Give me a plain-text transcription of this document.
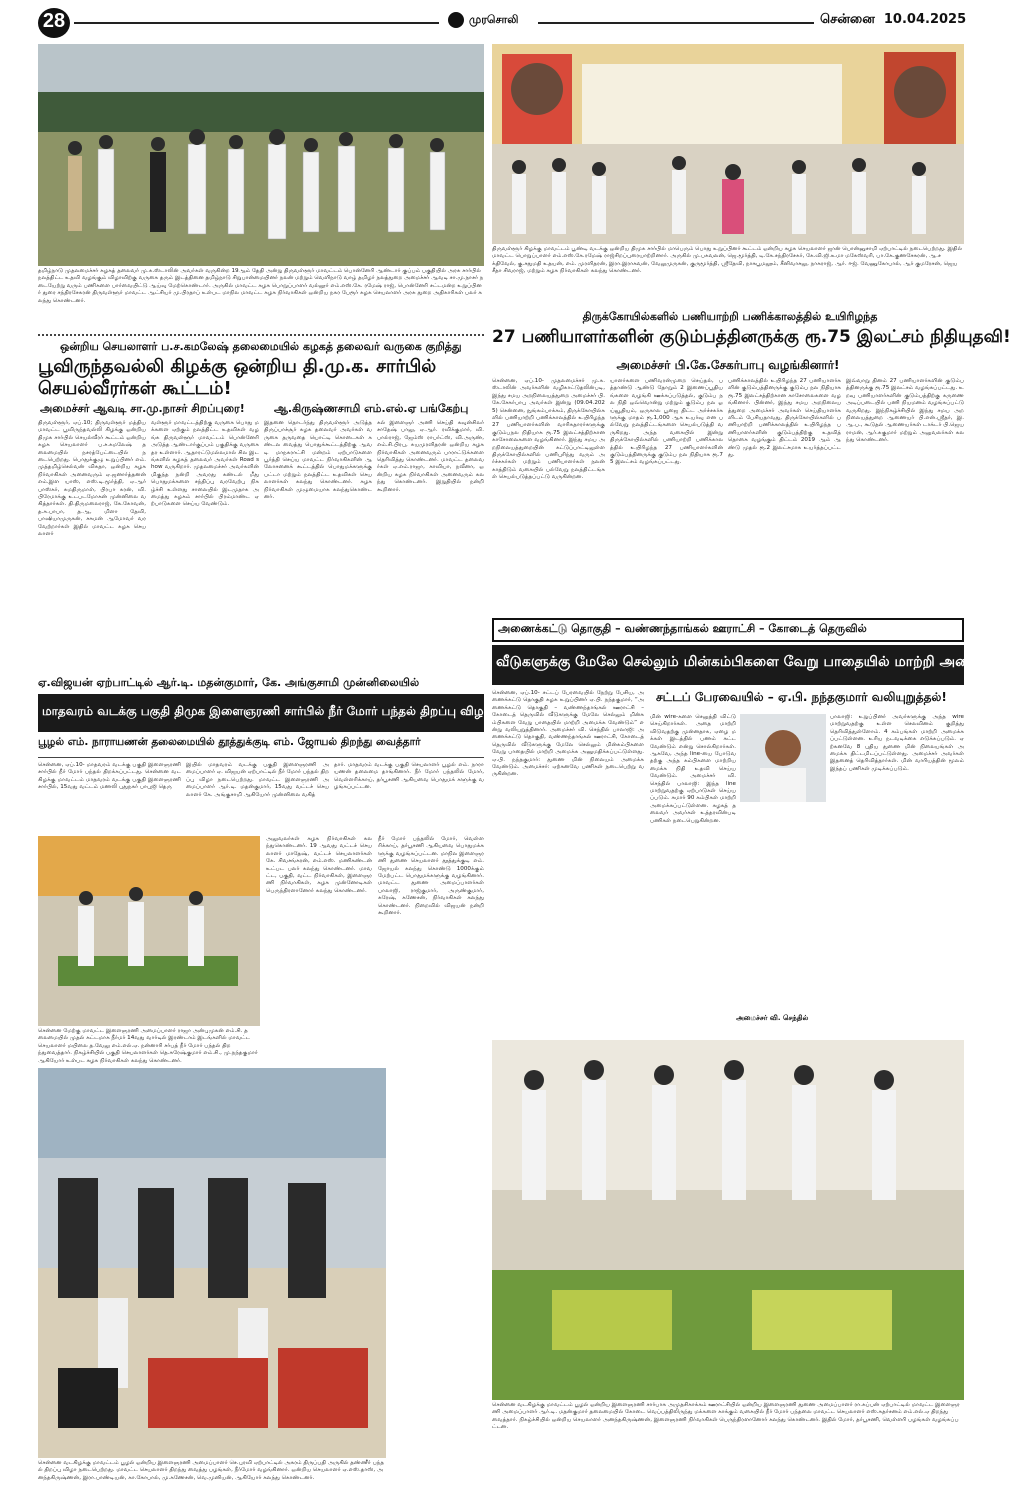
28	முரசொலி	சென்னை  10.04.2025
தமிழ்நாடு முதலமைச்சர் கழகத் தலைவர் மு.க.ஸ்டாலின் அவர்கள் வருகின்ற 19ஆம் தேதி அன்று திருவள்ளூர் மாவட்டம் பொன்னேரி ஆண்டார் குப்பம் பகுதியில் அரசு சார்பில் நலத்திட்ட உதவி வழங்கும் விழாவிற்கு வருகை தரும் இடத்தினை தமிழ்நாடு சிறுபான்மையினர் நலன் மற்றும் வெளிநாடு வாழ் தமிழர் நலத்துறை அமைச்சர் ஆவடி சா.மு.நாசர் நடையேற்று வரும் பணிகளை பார்வையிட்டு ஆய்வு மேற்கொண்டார். அருகில் மாவட்ட கழக பொறுப்பாளர் வல்லூர் எம்.எஸ்.கே. ரமேஷ் ராஜ், பொன்னேரி சட்டமன்ற உறுப்பினர் துரை சந்திரசேகரன் திருவள்ளூர் மாவட்ட ஆட்சியர் மு.பிரதாப் உள்பட மாநில மாவட்ட கழக நிர்வாகிகள் ஒன்றிய நகர பேரூர் கழக செயலாளர் அரசு துறை அதிகாரிகள் பலர் கலந்து கொண்டனர்.
திருவள்ளூர் கிழக்கு மாவட்டம் பூண்டி வடக்கு ஒன்றிய திமுக சார்பில் மாபெரும் பொது உறுப்பினர் கூட்டம் ஒன்றிய கழக செயலாளர் ஜான் பொன்னுசாமி ஏற்பாட்டில் நடைபெற்றது. இதில் மாவட்ட பொறுப்பாளர் எம்.எஸ்.கே.ரமேஷ் ராஜ்சிறப்புரையாற்றினார். அருகில் மு.பகவலன், ஜெ.மூர்த்தி, டி.கே.சந்திரசேகர், கே.வி.ஜி.உமா மகேஸ்வரி, பா.கே.குணசேகரன், ஆ.சக்திவேல், கு.சதுமதி உதயன், எம். முரளிதரன், இரா.இராகவன், வேலுமுருகன், குருமூர்த்தி, ஸ்ரீதேவி, நாகபூமலூம், சீனிவாசலு, நாகராஜ், ஆர். ஈஜ். வேணுகோபால், ஆர் குமரேசன், ஜெயசீதா சிவராஜ், மற்றும் கழக நிர்வாகிகள் கலந்து கொண்டனர்.
ஒன்றிய செயலாளர் ப.ச.கமலேஷ் தலைமையில் கழகத் தலைவர் வருகை குறித்து
பூவிருந்தவல்லி கிழக்கு ஒன்றிய தி.மு.க. சார்பில் செயல்வீரர்கள் கூட்டம்!
அமைச்சர் ஆவடி சா.மு.நாசர் சிறப்புரை!	ஆ.கிருஷ்ணசாமி எம்.எல்.ஏ பங்கேற்பு
திருவள்ளூர், ஏப்.10; திருவள்ளூர் மத்திய மாவட்ட பூவிருந்தவல்லி கிழக்கு ஒன்றிய திமுக சார்பில் செயல்வீரர் கூட்டம் ஒன்றிய கழக செயலாளர் ப.ச.கமலேஷ் தலைமையில் நசரத்பேட்டையில் நடைபெற்றது. பொதுக்குழு உறுப்பினர் எம்.முத்தமிழ்செல்வன் விசுதா, ஒன்றிய கழக நிர்வாகிகள் அனைவரும் ஏ.ஜனார்த்தனன் எம்.இள யாஸ், எஸ்.டி.மூர்த்தி, ஏ.ஆர் பாஸ்கர், சுமதிருமாள், பிரபா கரன், வி.பிரேமாக்கு உடபடமோகன் முன்னிலை வகித்தார்கள். தி.திருமலைராஜ், கே.கோவன், த.சு.பாபா, த.ஆ, மிளா தேவி, பாஷியாமுருகன், சசுமன் ஆமோவர் வரவேற்றார்கள் இதில் மாவட்ட கழக செயலாளர்
வள்ளூர் மாவட்டத்திற்கு வருகை பொது மக்களை ஏற்கும் நலத்திட்ட உதவிகள் வழங்க திருவள்ளூர் மாவட்டம் பொன்னேரி அடுத்த ஆண்டார்குப்பம் பகுதிக்கு வருகை தர உள்ளார். ஆதாரட்டுமல்லமால் சில இடங்களில் கழகத் தலைவர் அவர்கள் Road show வருகிறார். முதலமைச்சர் அவர்களின் மிகுந்த நன்றி அவரது கண்டல் மீது பொதுமக்களை சந்திப்பு வரவேற்பு நிகழ்ச்சி உள்ளது சாலையில் இடமுதாக அமைத்து கழகம் சார்பில் பிரம்மாண்ட ஏற்பாடுகளை செய்ய வேண்டும்.
இதனை தொடர்ந்து திருவள்ளூர் அடுத்த திருப்பாச்சூர் கழக தலைவர் அவர்கள் வருகை தருவதை யொட்டி கொடைகள் கண்டல வைத்து பொதுக்கூட்டத்திற்கு ஆவடி மாநகராட்சி மன்றம் ஏற்பாடுகளை பூர்த்தி செய்ய மாவட்ட நிர்வாகிகளின் ஆலோசனைக் கூட்டத்தில் பொதுமக்களுக்கு பட்டா மற்றும் நலத்திட்ட உதவிகள் செயலாளர்கள் கலந்து கொண்டனர். கழக நிர்வாகிகள் முழுமையாக கலந்துகொண்டனர்.
கல் இளைஞர் அணி செய்தி கவுன்சிலர் சாதேஷ் பாலு, ஏ.ஆர். ரவிக்குமார், வி.பால்ராஜ், ஜேம்ஸ் ராபர்ட்ஸ், வி.அருண், எம்.சி.பிரபு, சுயமுரளிதரன் ஒன்றிய கழக நிர்வாகிகள் அனைவரும் பாராட்டுக்களை தெரிவித்து கொண்டனர். மாவட்ட தலைவர்கள் ஏ.எம்.ராஜா, காவியா, நவீனா, ஒன்றிய கழக நிர்வாகிகள் அனைவரும் கலந்து கொண்டனர். இறுதியில் நன்றி கூறினார்.
திருக்கோயில்களில் பணியாற்றி பணிக்காலத்தில் உயிரிழந்த
27 பணியாளர்களின் குடும்பத்தினருக்கு ரூ.75 இலட்சம் நிதியுதவி!
அமைச்சர் பி.கே.சேகர்பாபு வழங்கினார்!
சென்னை, ஏப்.10- முதலமைச்சர் மு.க.ஸ்டாலின் அவர்களின் வழிகாட்டுதலின்படி, இந்து சமய அறநிலையத்துறை அமைச்சர் பி.கே.சேகர்பாபு அவர்கள் இன்று (09.04.2025) சென்னை, நுங்கம்பாக்கம், திருக்கோயில்களில் பணியாற்றி பணிக்காலத்தில் உயிரிழந்த 27 பணியாளர்களின் வாரிசுதாரர்களுக்கு குடும்பநல நிதியாக ரூ.75 இலட்சத்திற்கான காசோலைகளை வழங்கினார். இந்து சமய அறநிலையத்துறையின் கட்டுப்பாட்டிலுள்ள திருக்கோயில்களில் பணிபுரிந்து வரும் அர்ச்சகர்கள் மற்றும் பணியாளர்கள் நலன் காத்திடும் வகையில் பல்வேறு நலத்திட்டங்கள் செயல்படுத்தப்பட்டு வருகின்றன.
யாளர்களை பணிவரன்முறை செய்தல், பத்தாண்டு ஆண்டு தோறும் 2 இணைப்பூதியங்களை வழங்கி ஊக்கப்படுத்தல், குடும்ப நல நிதி ஒவ்வொன்று மற்றும் குடும்ப நல ஓய்வூதியம், ஒருகால பூஜை திட்ட அர்ச்சகர்களுக்கு மாதம் ரூ.1,000 ஆக உயர்வு என பல்வேறு நலத்திட்டங்களை செயல்படுத்தி வருகிறது. அந்த வகையில் இன்று திருக்கோயில்களில் பணியாற்றி பணிக்காலத்தில் உயிரிழந்த 27 பணியாளர்களின் குடும்பத்தினருக்கு குடும்ப நல நிதியாக ரூ.75 இலட்சம் வழங்கப்பட்டது.
பணிக்காலத்தில் உயிரிழந்த 27 பணியாளர்களின் குடும்பத்தினருக்கு குடும்ப நல நிதியாக ரூ.75 இலட்சத்திற்கான காசோலைகளை வழங்கினார். பின்னர், இந்து சமய அறநிலையத்துறை அமைச்சர் அவர்கள் செய்தியாளர்களிடம் பேசியதாவது, திருக்கோயில்களில் பணியாற்றி பணிக்காலத்தில் உயிரிழந்த பணியாளர்களின் குடும்பத்திற்கு உதவித் தொகை வழங்கும் திட்டம் 2019 ஆம் ஆண்டு முதல் ரூ.2 இலட்சமாக உயர்த்தப்பட்டது.
இவ்வாறு தினம் 27 பணியாளர்களின் குடும்பத்தினருக்கு ரூ.75 இலட்சம் வழங்கப்பட்டது. உறவு பணியாளர்களின் குடும்பத்திற்கு கருணை அடிப்படையில் பணி நியமனம் வழங்கப்பட்டு வருகிறது. இந்நிகழ்ச்சியில் இந்து சமய அறநிலையத்துறை ஆணையர் பி.என்.ஸ்ரீதர், இ.ஆ.ப., கூடுதல் ஆணையர்கள் டாக்டர் பி.ஜெயராமன், ஆர்.சுகுமார் மற்றும் அலுவலர்கள் கலந்து கொண்டனர்.
அணைக்கட்டு தொகுதி – வண்ணந்தாங்கல் ஊராட்சி – கோடைத் தெருவில்
வீடுகளுக்கு மேலே செல்லும் மின்கம்பிகளை வேறு பாதையில் மாற்றி அமைத்திடுக!
சட்டப் பேரவையில் – ஏ.பி. நந்தகுமார் வலியுறுத்தல்!
சென்னை, ஏப்.10- சட்டப் பேரவையில் நேற்று பேசிய, அணைக்கட்டு தொகுதி கழக உறுப்பினர் ஏ.பி. நந்தகுமார், “அணைக்கட்டு தொகுதி – வண்ணந்தாங்கல் ஊராட்சி – கோடைத் தெருவில் வீடுகளுக்கு மேலே செல்லும் மின்கம்பிகளை வேறு பாதையில் மாற்றி அமைக்க வேண்டும்” என்று வலியுறுத்தினார். அமைச்சர் வி. செந்தில் பாலாஜி: அணைக்கட்டு தொகுதி, வண்ணந்தாங்கல் ஊராட்சி, கோடைத் தெருவில் வீடுகளுக்கு மேலே செல்லும் மின்கம்பிகளை வேறு பாதையில் மாற்றி அமைக்க அனுமதிக்கப்பட்டுள்ளது. ஏ.பி. நந்தகுமார்: துணை மின் நிலையம் அமைக்க வேண்டும். அமைச்சர்: ஏற்கனவே பணிகள் நடைபெற்று வருகின்றன.
மின் wire-களை செலுத்தி விட்டு செய்கிறார்கள். அதை மாற்றி விடுவதற்கு முன்னதாக, ஏழை மக்கள் இடத்தில் பணம் கட்ட வேண்டும் என்று சொல்கிறார்கள். ஆகவே, அந்த line-யை போடுவதற்கு அந்த கம்பிகளை மாற்றியமைக்க நிதி உதவி செய்ய வேண்டும். அமைச்சர் வி. செந்தில் பாலாஜி: இந்த line மாற்றுவதற்கு ஏற்பாடுகள் செய்யப்படும். சுமார் 90 கம்பிகள் மாற்றி அமைக்கப்பட்டுள்ளன. கழகத் தலைவர் அவர்கள் உத்தரவின்படி பணிகள் நடைபெறுகின்றன.
பாலாஜி: உறுப்பினர் அவர்களுக்கு அந்த wire மாற்றுவதற்கு உள்ள செலவினம் குறித்து தெரிவித்துள்ளோம். 4 கம்பங்கள் மாற்றி அமைக்கப்பட்டுள்ளன. உரிய நடவடிக்கை எடுக்கப்படும். ஏற்கனவே 8 புதிய துணை மின் நிலையங்கள் அமைக்க திட்டமிடப்பட்டுள்ளது. அமைச்சர் அவர்கள் இதனைத் தெரிவித்தார்கள். மின் வாரியத்தின் மூலம் இந்தப் பணிகள் முடிக்கப்படும்.
அமைச்சர் வி. செந்தில்
ஏ.விஜயன் ஏற்பாட்டில் ஆர்.டி. மதன்குமார், கே. அங்குசாமி முன்னிலையில்
மாதவரம் வடக்கு பகுதி திமுக இளைஞரணி சார்பில் நீர் மோர் பந்தல் திறப்பு விழா
பூழல் எம். நாராயணன் தலைமையில் தூத்துக்குடி எம். ஜோயல் திறந்து வைத்தார்
சென்னை, ஏப்.10- மாதவரம் வடக்கு பகுதி இளைஞரணி சார்பில் நீர் மோர் பந்தல் திறக்கப்பட்டது. சென்னை வடகிழக்கு மாவட்டம் மாதவரம் வடக்கு பகுதி இளைஞரணி சார்பில், 15வது வட்டம் மணலி புதுநகர் பாபுஜி தெரு
இயில் மாதவரம் வடக்கு பகுதி இளைஞரணி அமைப்பாளர் ஏ. விஜயன் ஏற்பாட்டில் நீர் மோர் பந்தல் திறப்பு விழா நடைபெற்றது. மாவட்ட இளைஞரணி அமைப்பாளர் ஆர்.டி. மதன்குமார், 15வது வட்டச் செயலாளர் கே. அங்குசாமி ஆகியோர் முன்னிலை வகித்
தார். மாதவரம் வடக்கு பகுதி செயலாளர் பூழல் எம். நாரா யணன் தலைமை தாங்கினார். நீர் மோர் பந்தலில் மோர், வெள்ளரிக்காய், தர்பூசணி ஆகியவை பொதுமக் களுக்கு வழங்கப்பட்டன.
சென்னை மேற்கு மாவட்ட இளைஞரணி அமைப்பாளர் ராஜா அன்புமுகன் எம்.சி. தலைமையில் முதல் கட்டமாக நீர்மர் 14வது வார்டில் இரண்டாம் இடங்களில் மாவட்ட செயலாளர் மயிலை த.வேலு எம்.எல்.ஏ. நன்னாரி சர்பத் நீர் மோர் பந்தல் திறந்துவைத்தார். நிகழ்ச்சியில் பகுதி செயலாளர்கள் தெ.சுரேஷ்குமார் எம்.சி., மு.நந்தகுமார் ஆகியோர் உள்பட கழக நிர்வாகிகள் கலந்து கொண்டனர்.
சென்னை வடகிழக்கு மாவட்டம் பூழல் ஒன்றிய இளைஞரணி அமைப்பாளர் செ.புரவி ஏற்பாட்டில் அகரம் திருப்பதி அருகில் தண்ணீர் பந்தல் திறப்பு விழா நடைபெற்றது. மாவட்ட செயலாளர் திறந்து வைத்து பழங்கள், நீர்மோர் வழங்கினார். ஒன்றிய செயலாளர் ஏ.எஸ்.தாஸ், அனந்தகிருஷ்ணன், இரா.பாண்டியன், கா.கோபால், மு.கணேசன், வெ.முனியன், ஆகியோர் கலந்து கொண்டனர்.
அலுவலர்கள் கழக நிர்வாகிகள் கலந்துகொண்டனர். 19 ஆவது வட்டச் செயலாளர் மாதேஷ், வட்டச் செயலாளர்கள் கே. சிவசங்கரன், எம்.எஸ். மணிகண்டன் உட்பட பலர் கலந்து கொண்டனர். மாவட்ட, பகுதி, வட்ட நிர்வாகிகள், இளைஞரணி நிர்வாகிகள், கழக முன்னோடிகள் பெருந்திரளானோர் கலந்து கொண்டனர்.
நீர் மோர் பந்தலில் மோர், வெள்ளரிக்காய், தர்பூசணி ஆகியவை பொதுமக்களுக்கு வழங்கப்பட்டன. மாநில இளைஞரணி துணை செயலாளர் தூத்துக்குடி எம். ஜோயல் கலந்து கொண்டு 1000க்கும் மேற்பட்ட பொதுமக்களுக்கு வழங்கினார். மாவட்ட துணை அமைப்பாளர்கள் பாலாஜி, ராஜ்குமார், அருண்குமார், சுரேஷ், கணேசன், நிர்வாகிகள் கலந்து கொண்டனர். நிறைவில் விஜயன் நன்றி கூறினார்.
சென்னை வடகிழக்கு மாவட்டம் பூழல் ஒன்றிய இளைஞரணி சார்பாக அமுதசிகாக்கம் ஊராட்சியில் ஒன்றிய இளைஞரணி துணை அமைப்பாளர் ரா.கப்பன் ஏற்பாட்டில் மாவட்ட இளைஞரணி அமைப்பாளர் ஆர்.டி. மதன்குமார் தலைமையில் கோடை வெப்பத்திலிருந்து மக்களை காக்கும் வகையில் நீர் மோர் பந்தலை மாவட்ட செயலாளர் எஸ்.சுதர்சனம் எம்.எல்.ஏ திறந்து வைத்தார். நிகழ்ச்சியில் ஒன்றிய செயலாளர் அனந்தகிருஷ்ணன், இளைஞரணி நிர்வாகிகள் பெருந்திரளானோர் கலந்து கொண்டனர். இதில் மோர், தர்பூசணி, வெள்ளரி பழங்கள் வழங்கப்பட்டன.
